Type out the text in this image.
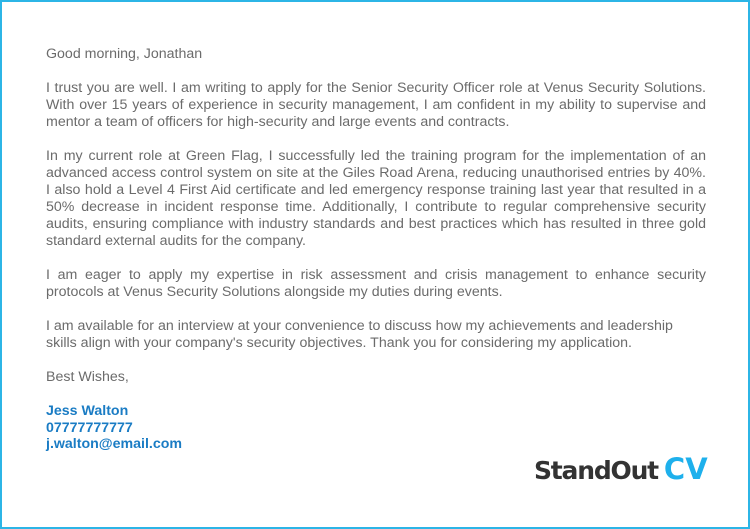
Good morning, Jonathan

I trust you are well. I am writing to apply for the Senior Security Officer role at Venus Security Solutions. With over 15 years of experience in security management, I am confident in my ability to supervise and mentor a team of officers for high-security and large events and contracts.

In my current role at Green Flag, I successfully led the training program for the implementation of an advanced access control system on site at the Giles Road Arena, reducing unauthorised entries by 40%. I also hold a Level 4 First Aid certificate and led emergency response training last year that resulted in a 50% decrease in incident response time. Additionally, I contribute to regular comprehensive security audits, ensuring compliance with industry standards and best practices which has resulted in three gold standard external audits for the company.

I am eager to apply my expertise in risk assessment and crisis management to enhance security protocols at Venus Security Solutions alongside my duties during events.

I am available for an interview at your convenience to discuss how my achievements and leadership skills align with your company's security objectives. Thank you for considering my application.

Best Wishes,

Jess Walton
07777777777
j.walton@email.com
StandOut CV
